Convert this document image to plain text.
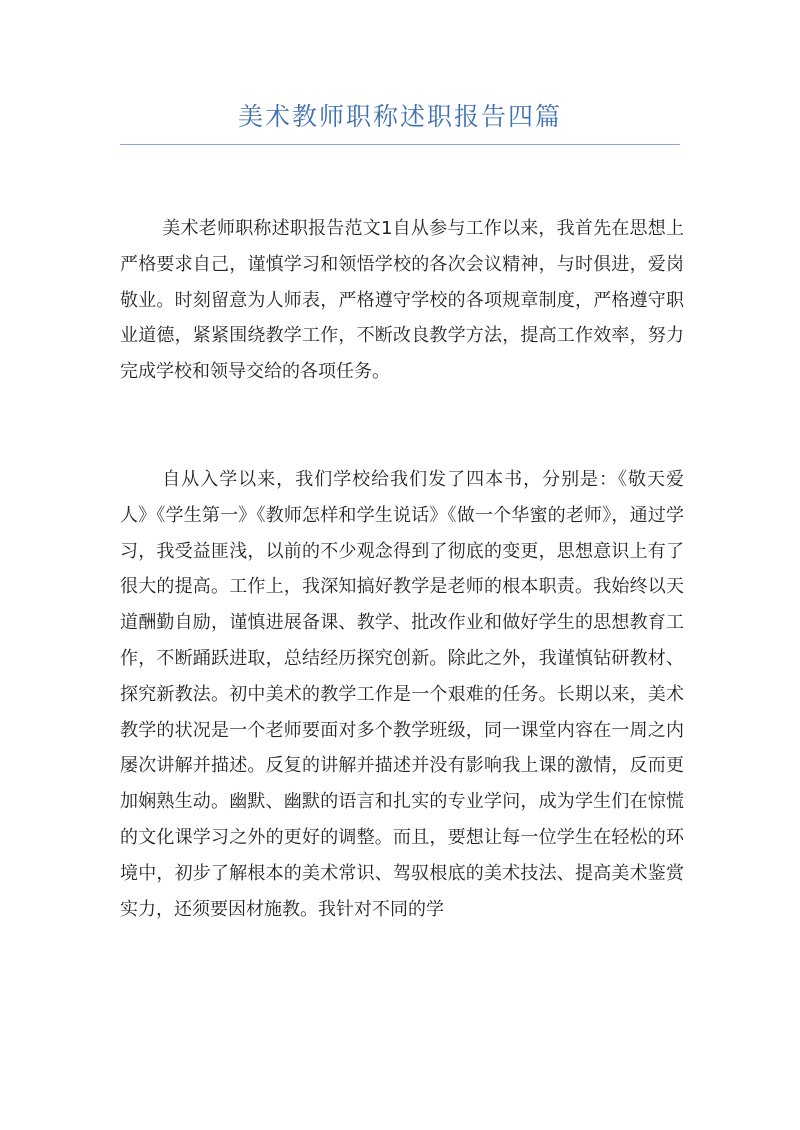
美术教师职称述职报告四篇

美术老师职称述职报告范文1自从参与工作以来，我首先在思想上严格要求自己，谨慎学习和领悟学校的各次会议精神，与时俱进，爱岗敬业。时刻留意为人师表，严格遵守学校的各项规章制度，严格遵守职业道德，紧紧围绕教学工作，不断改良教学方法，提高工作效率，努力完成学校和领导交给的各项任务。

自从入学以来，我们学校给我们发了四本书，分别是：《敬天爱人》《学生第一》《教师怎样和学生说话》《做一个华蜜的老师》，通过学习，我受益匪浅，以前的不少观念得到了彻底的变更，思想意识上有了很大的提高。工作上，我深知搞好教学是老师的根本职责。我始终以天道酬勤自励，谨慎进展备课、教学、批改作业和做好学生的思想教育工作，不断踊跃进取，总结经历探究创新。除此之外，我谨慎钻研教材、探究新教法。初中美术的教学工作是一个艰难的任务。长期以来，美术教学的状况是一个老师要面对多个教学班级，同一课堂内容在一周之内屡次讲解并描述。反复的讲解并描述并没有影响我上课的激情，反而更加娴熟生动。幽默、幽默的语言和扎实的专业学问，成为学生们在惊慌的文化课学习之外的更好的调整。而且，要想让每一位学生在轻松的环境中，初步了解根本的美术常识、驾驭根底的美术技法、提高美术鉴赏实力，还须要因材施教。我针对不同的学
